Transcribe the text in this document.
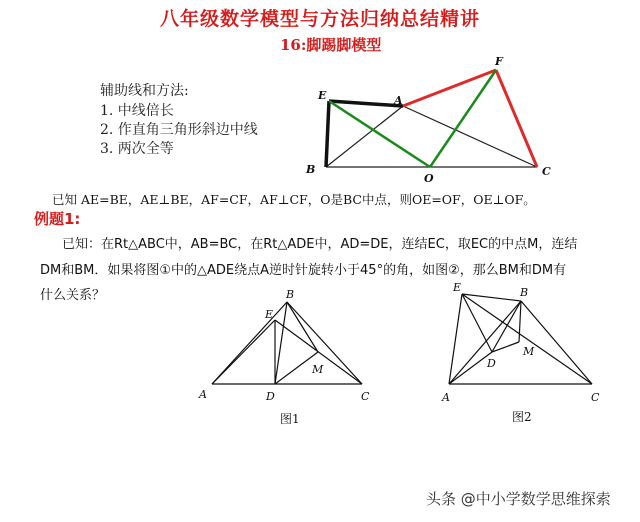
八年级数学模型与方法归纳总结精讲
16:脚踢脚模型
辅助线和方法:
1. 中线倍长
2. 作直角三角形斜边中线
3. 两次全等
E	A
F
B
O
C
已知 AE=BE，AE⊥BE，AF=CF，AF⊥CF，O是BC中点，则OE=OF，OE⊥OF。
例题1:
已知：在Rt△ABC中，AB=BC，在Rt△ADE中，AD=DE，连结EC，取EC的中点M，连结
DM和BM．如果将图①中的△ADE绕点A逆时针旋转小于45°的角，如图②，那么BM和DM有
什么关系？
A
B
C
D
E
M
图1
A
B
C
D
E
M
图2
头条 @中小学数学思维探索
